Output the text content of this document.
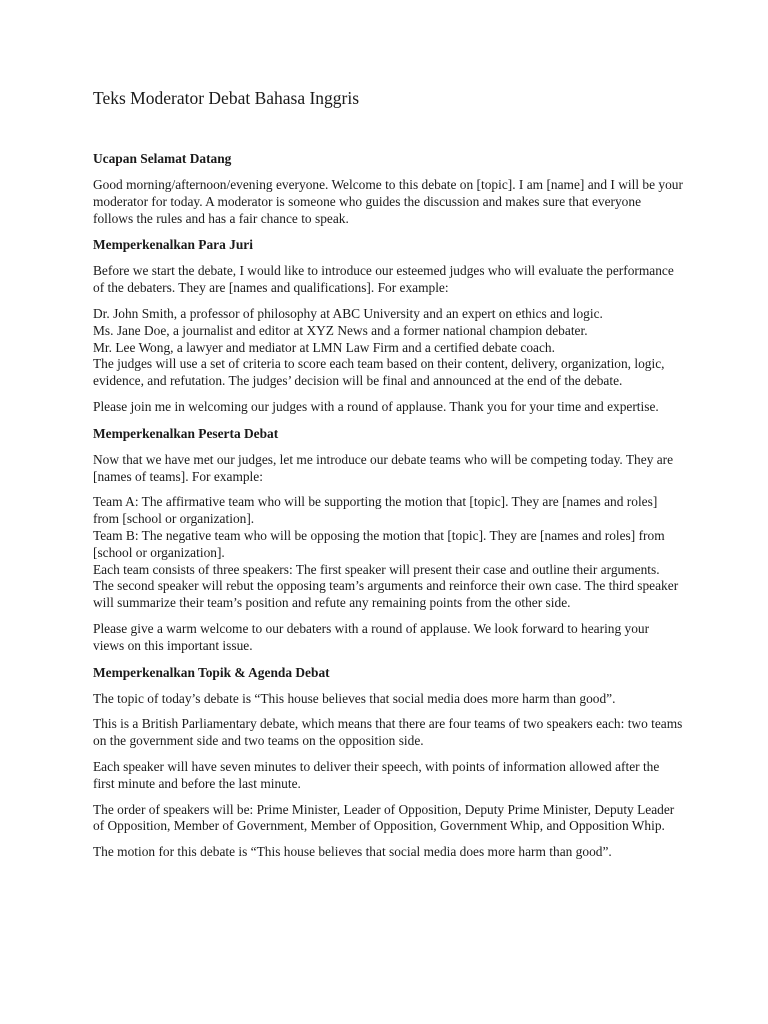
Teks Moderator Debat Bahasa Inggris
Ucapan Selamat Datang

Good morning/afternoon/evening everyone. Welcome to this debate on [topic]. I am [name] and I will be your moderator for today. A moderator is someone who guides the discussion and makes sure that everyone follows the rules and has a fair chance to speak.

Memperkenalkan Para Juri

Before we start the debate, I would like to introduce our esteemed judges who will evaluate the performance of the debaters. They are [names and qualifications]. For example:

Dr. John Smith, a professor of philosophy at ABC University and an expert on ethics and logic.
Ms. Jane Doe, a journalist and editor at XYZ News and a former national champion debater.
Mr. Lee Wong, a lawyer and mediator at LMN Law Firm and a certified debate coach.
The judges will use a set of criteria to score each team based on their content, delivery, organization, logic, evidence, and refutation. The judges’ decision will be final and announced at the end of the debate.

Please join me in welcoming our judges with a round of applause. Thank you for your time and expertise.

Memperkenalkan Peserta Debat

Now that we have met our judges, let me introduce our debate teams who will be competing today. They are [names of teams]. For example:

Team A: The affirmative team who will be supporting the motion that [topic]. They are [names and roles] from [school or organization].
Team B: The negative team who will be opposing the motion that [topic]. They are [names and roles] from [school or organization].
Each team consists of three speakers: The first speaker will present their case and outline their arguments. The second speaker will rebut the opposing team’s arguments and reinforce their own case. The third speaker will summarize their team’s position and refute any remaining points from the other side.

Please give a warm welcome to our debaters with a round of applause. We look forward to hearing your views on this important issue.

Memperkenalkan Topik & Agenda Debat

The topic of today’s debate is “This house believes that social media does more harm than good”.

This is a British Parliamentary debate, which means that there are four teams of two speakers each: two teams on the government side and two teams on the opposition side.

Each speaker will have seven minutes to deliver their speech, with points of information allowed after the first minute and before the last minute.

The order of speakers will be: Prime Minister, Leader of Opposition, Deputy Prime Minister, Deputy Leader of Opposition, Member of Government, Member of Opposition, Government Whip, and Opposition Whip.

The motion for this debate is “This house believes that social media does more harm than good”.
